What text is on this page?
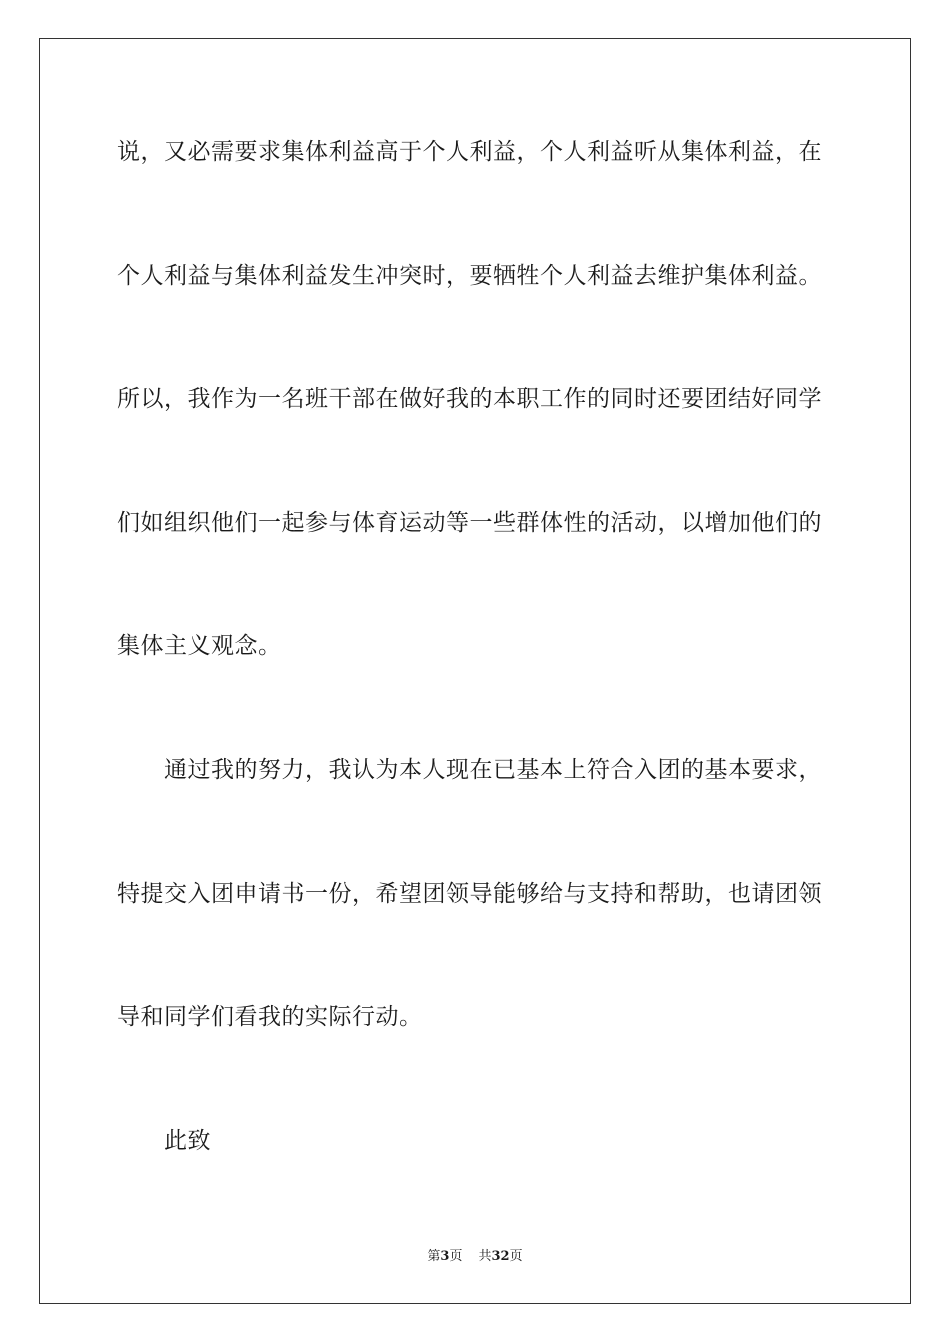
说，又必需要求集体利益高于个人利益，个人利益听从集体利益，在
个人利益与集体利益发生冲突时，要牺牲个人利益去维护集体利益。
所以，我作为一名班干部在做好我的本职工作的同时还要团结好同学
们如组织他们一起参与体育运动等一些群体性的活动，以增加他们的
集体主义观念。
通过我的努力，我认为本人现在已基本上符合入团的基本要求，
特提交入团申请书一份，希望团领导能够给与支持和帮助，也请团领
导和同学们看我的实际行动。
此致
第3页 共32页
